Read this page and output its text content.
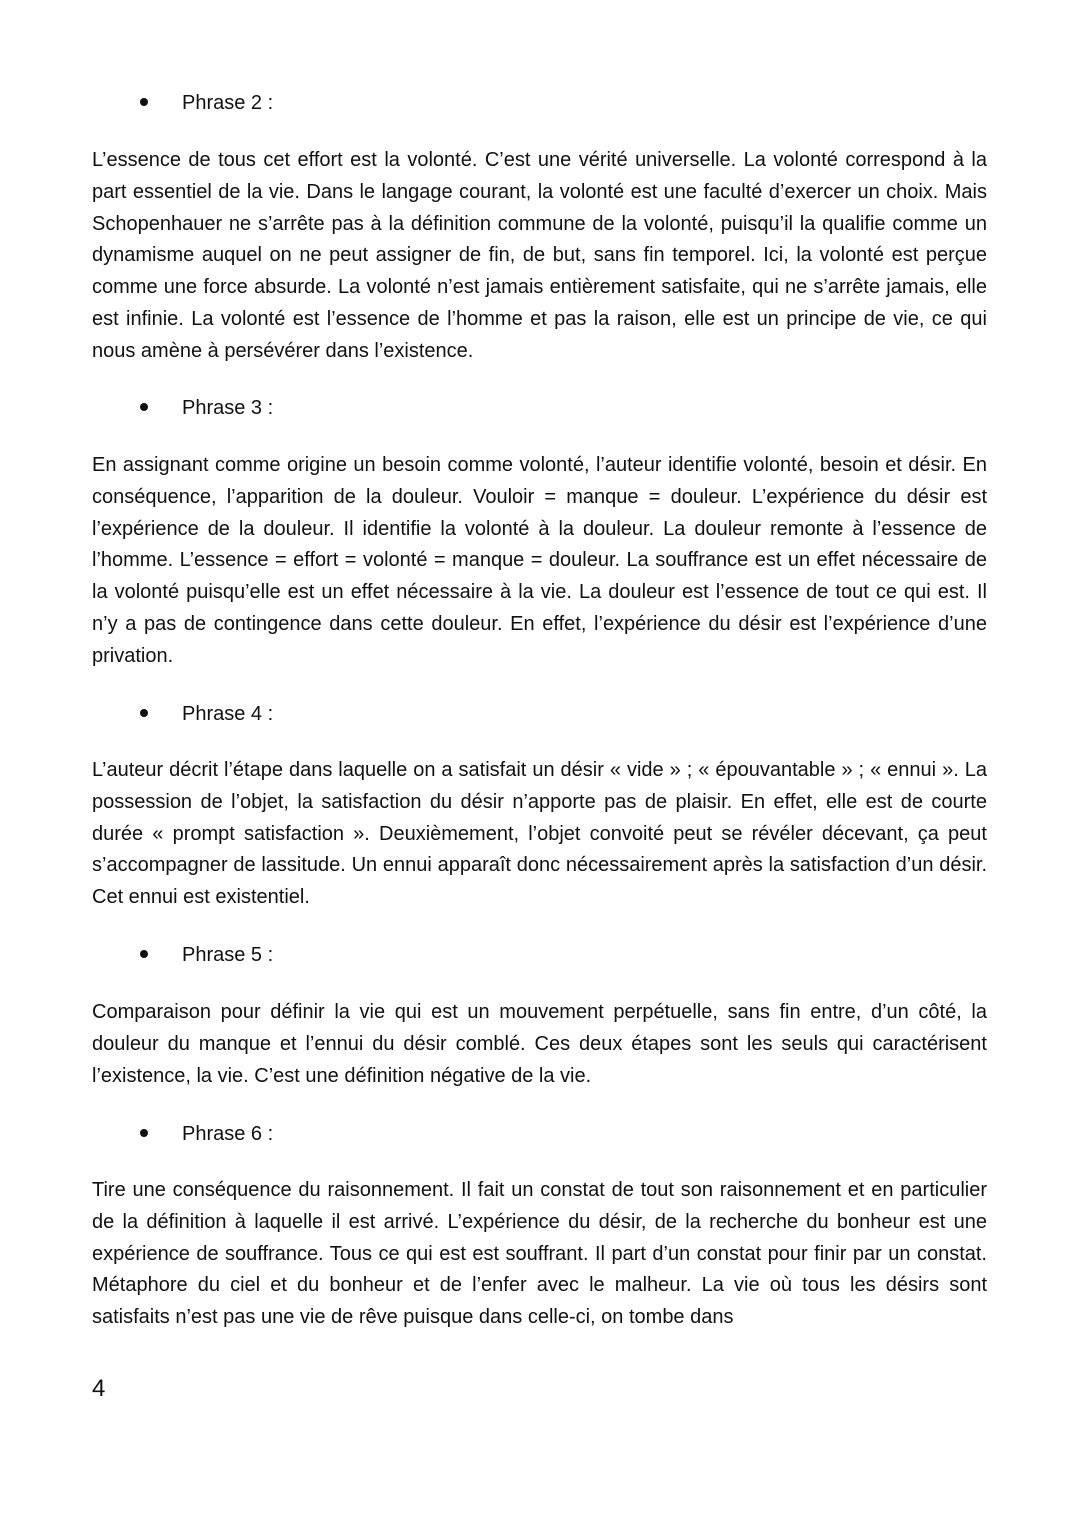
Phrase 2 :

L’essence de tous cet effort est la volonté. C’est une vérité universelle. La volonté correspond à la part essentiel de la vie. Dans le langage courant, la volonté est une faculté d’exercer un choix. Mais Schopenhauer ne s’arrête pas à la définition commune de la volonté, puisqu’il la qualifie comme un dynamisme auquel on ne peut assigner de fin, de but, sans fin temporel. Ici, la volonté est perçue comme une force absurde. La volonté n’est jamais entièrement satisfaite, qui ne s’arrête jamais, elle est infinie. La volonté est l’essence de l’homme et pas la raison, elle est un principe de vie, ce qui nous amène à persévérer dans l’existence.

Phrase 3 :

En assignant comme origine un besoin comme volonté, l’auteur identifie volonté, besoin et désir. En conséquence, l’apparition de la douleur. Vouloir = manque = douleur. L’expérience du désir est l’expérience de la douleur. Il identifie la volonté à la douleur. La douleur remonte à l’essence de l’homme. L’essence = effort = volonté = manque = douleur. La souffrance est un effet nécessaire de la volonté puisqu’elle est un effet nécessaire à la vie. La douleur est l’essence de tout ce qui est. Il n’y a pas de contingence dans cette douleur. En effet, l’expérience du désir est l’expérience d’une privation.

Phrase 4 :

L’auteur décrit l’étape dans laquelle on a satisfait un désir « vide » ; « épouvantable » ; « ennui ». La possession de l’objet, la satisfaction du désir n’apporte pas de plaisir. En effet, elle est de courte durée « prompt satisfaction ». Deuxièmement, l’objet convoité peut se révéler décevant, ça peut s’accompagner de lassitude. Un ennui apparaît donc nécessairement après la satisfaction d’un désir. Cet ennui est existentiel.

Phrase 5 :

Comparaison pour définir la vie qui est un mouvement perpétuelle, sans fin entre, d’un côté, la douleur du manque et l’ennui du désir comblé. Ces deux étapes sont les seuls qui caractérisent l’existence, la vie. C’est une définition négative de la vie.

Phrase 6 :

Tire une conséquence du raisonnement. Il fait un constat de tout son raisonnement et en particulier de la définition à laquelle il est arrivé. L’expérience du désir, de la recherche du bonheur est une expérience de souffrance. Tous ce qui est est souffrant. Il part d’un constat pour finir par un constat. Métaphore du ciel et du bonheur et de l’enfer avec le malheur. La vie où tous les désirs sont satisfaits n’est pas une vie de rêve puisque dans celle-ci, on tombe dans

4
